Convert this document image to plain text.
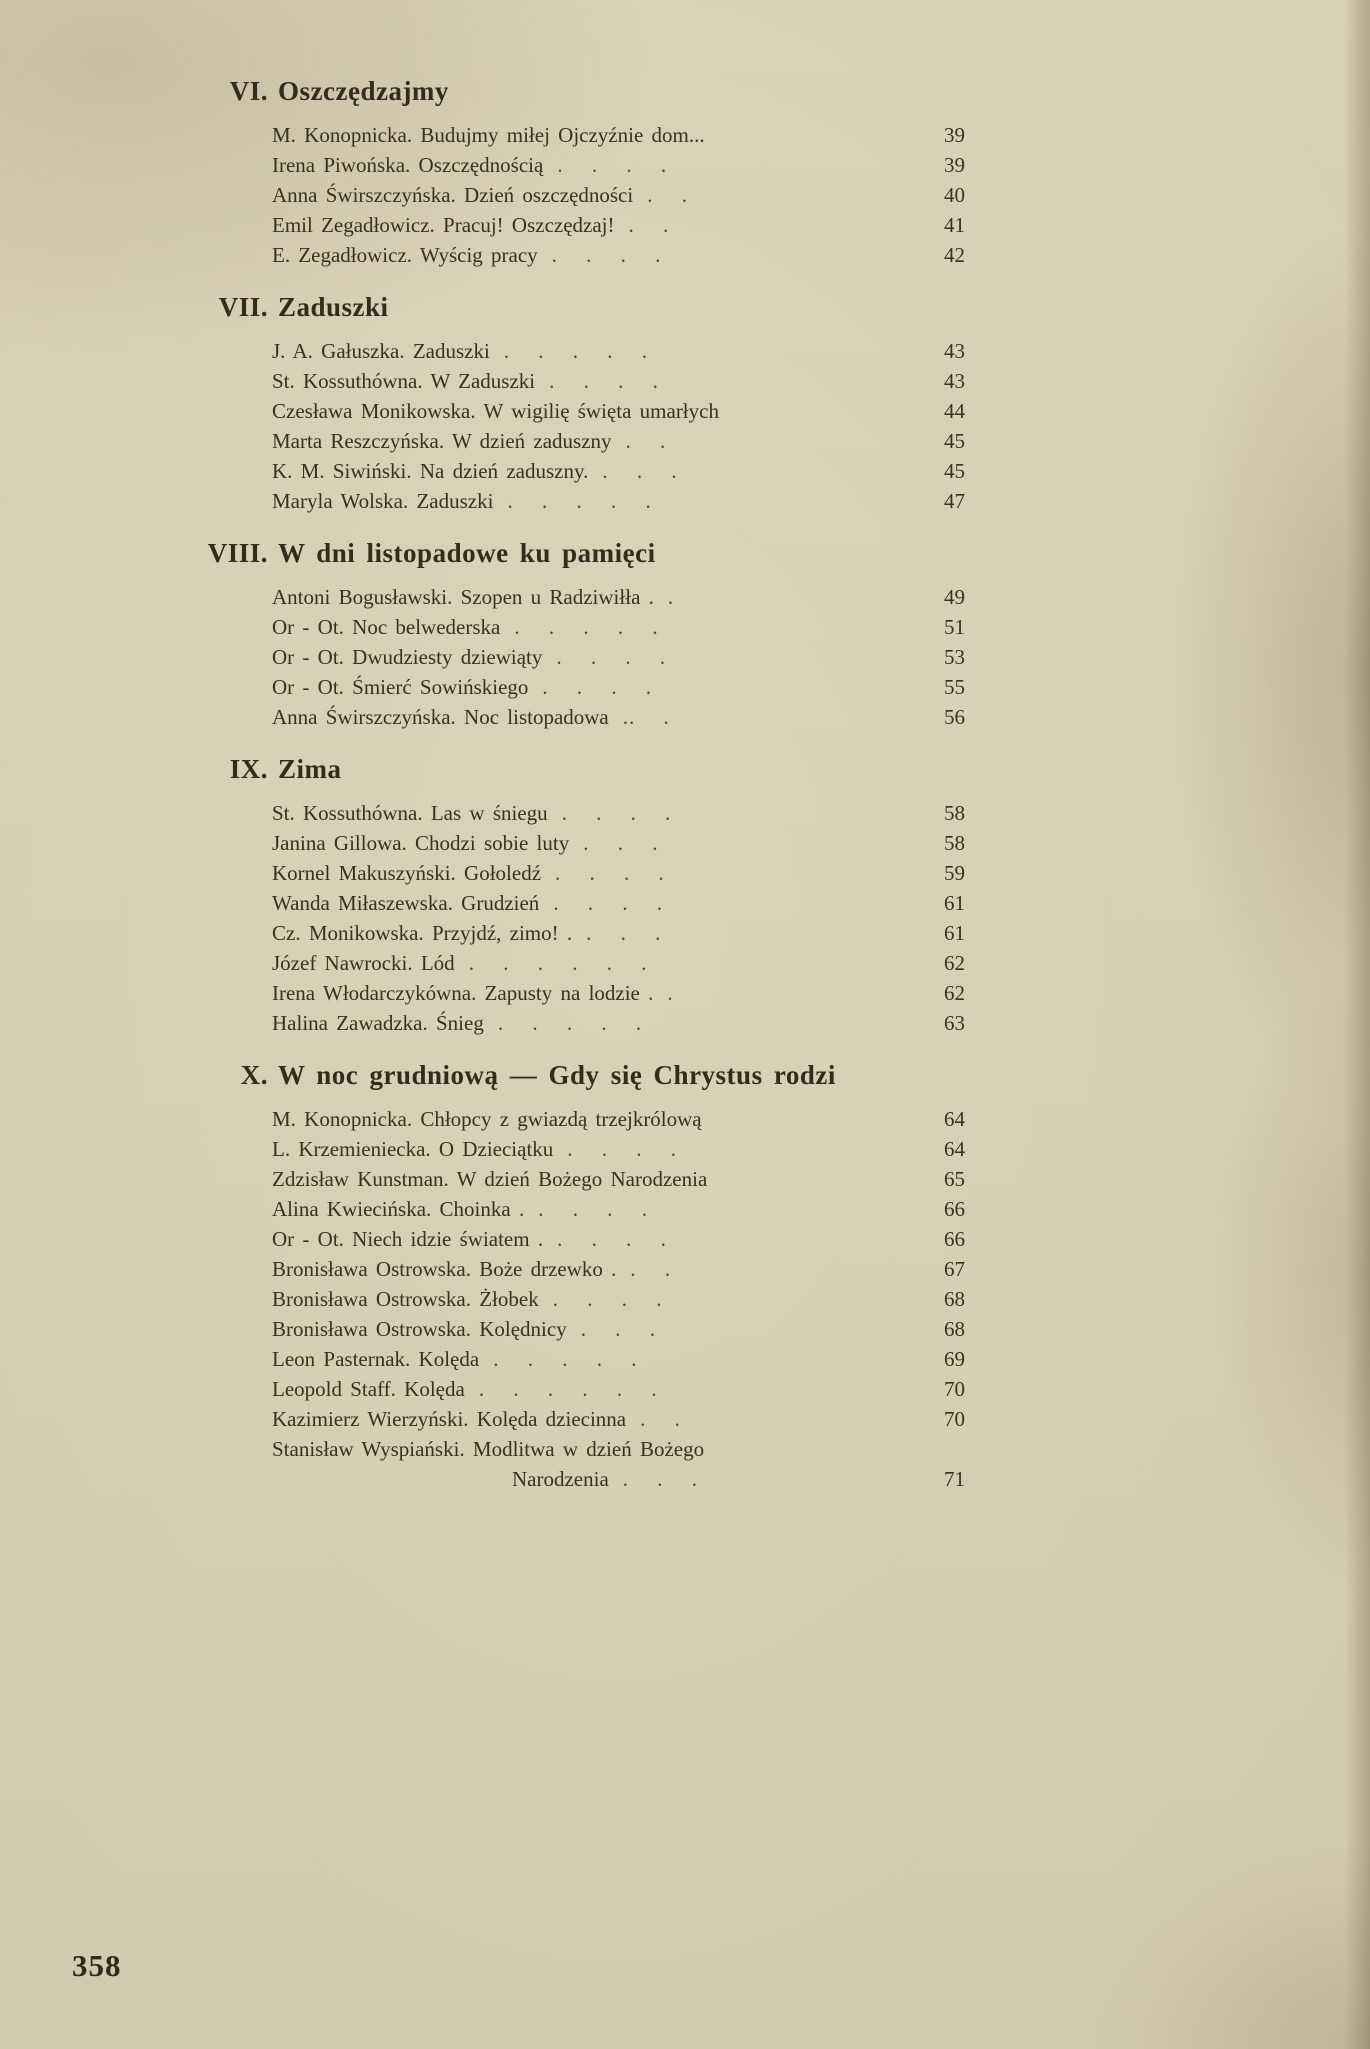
VI. Oszczędzajmy
M. Konopnicka. Budujmy miłej Ojczyźnie dom...	39
Irena Piwońska. Oszczędnością . . . .	39
Anna Świrszczyńska. Dzień oszczędności . .	40
Emil Zegadłowicz. Pracuj! Oszczędzaj! . .	41
E. Zegadłowicz. Wyścig pracy . . . .	42
VII. Zaduszki
J. A. Gałuszka. Zaduszki . . . . .	43
St. Kossuthówna. W Zaduszki . . . .	43
Czesława Monikowska. W wigilię święta umarłych	44
Marta Reszczyńska. W dzień zaduszny . .	45
K. M. Siwiński. Na dzień zaduszny. . . .	45
Maryla Wolska. Zaduszki . . . . .	47
VIII. W dni listopadowe ku pamięci
Antoni Bogusławski. Szopen u Radziwiłła . .	49
Or - Ot. Noc belwederska . . . . .	51
Or - Ot. Dwudziesty dziewiąty . . . .	53
Or - Ot. Śmierć Sowińskiego . . . .	55
Anna Świrszczyńska. Noc listopadowa .. .	56
IX. Zima
St. Kossuthówna. Las w śniegu . . . .	58
Janina Gillowa. Chodzi sobie luty . . .	58
Kornel Makuszyński. Gołoledź . . . .	59
Wanda Miłaszewska. Grudzień . . . .	61
Cz. Monikowska. Przyjdź, zimo! . . . .	61
Józef Nawrocki. Lód . . . . . .	62
Irena Włodarczykówna. Zapusty na lodzie . .	62
Halina Zawadzka. Śnieg . . . . .	63
X. W noc grudniową — Gdy się Chrystus rodzi
M. Konopnicka. Chłopcy z gwiazdą trzejkrólową	64
L. Krzemieniecka. O Dzieciątku . . . .	64
Zdzisław Kunstman. W dzień Bożego Narodzenia	65
Alina Kwiecińska. Choinka . . . . .	66
Or - Ot. Niech idzie światem . . . . .	66
Bronisława Ostrowska. Boże drzewko . . .	67
Bronisława Ostrowska. Żłobek . . . .	68
Bronisława Ostrowska. Kolędnicy . . .	68
Leon Pasternak. Kolęda . . . . .	69
Leopold Staff. Kolęda . . . . . .	70
Kazimierz Wierzyński. Kolęda dziecinna . .	70
Stanisław Wyspiański. Modlitwa w dzień Bożego
Narodzenia . . .	71
358
